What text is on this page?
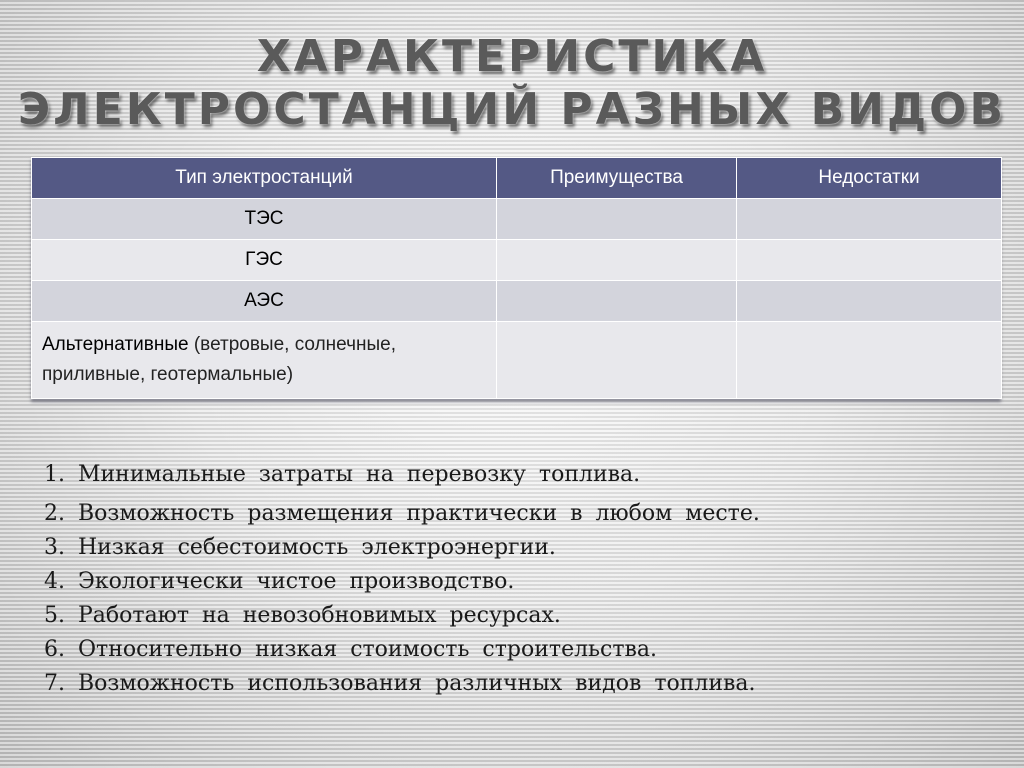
ХАРАКТЕРИСТИКА
ЭЛЕКТРОСТАНЦИЙ РАЗНЫХ ВИДОВ
Тип электростанций	Преимущества	Недостатки
ТЭС		
ГЭС		
АЭС		
Альтернативные (ветровые, солнечные, приливные, геотермальные)		
1. Минимальные затраты на перевозку топлива.
2. Возможность размещения практически в любом месте.
3. Низкая себестоимость электроэнергии.
4. Экологически чистое производство.
5. Работают на невозобновимых ресурсах.
6. Относительно низкая стоимость строительства.
7. Возможность использования различных видов топлива.
